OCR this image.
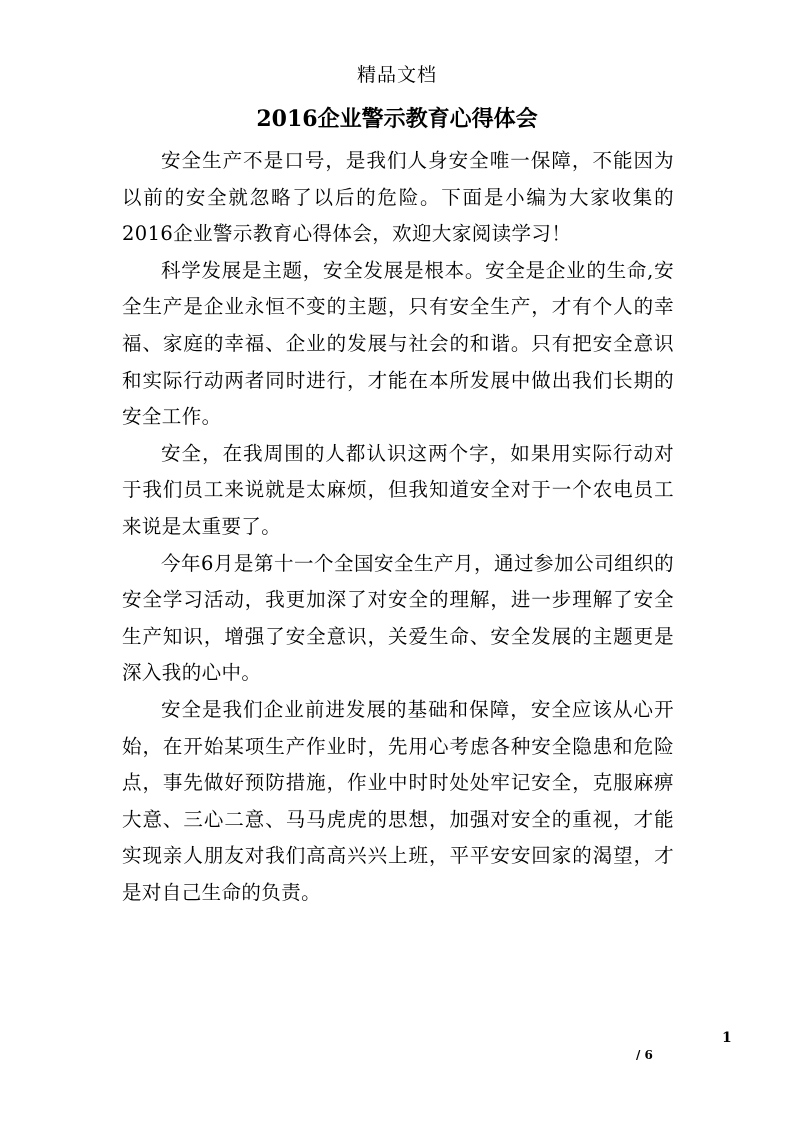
精品文档
2016企业警示教育心得体会

安全生产不是口号，是我们人身安全唯一保障，不能因为以前的安全就忽略了以后的危险。下面是小编为大家收集的2016企业警示教育心得体会，欢迎大家阅读学习！

科学发展是主题，安全发展是根本。安全是企业的生命,安全生产是企业永恒不变的主题，只有安全生产，才有个人的幸福、家庭的幸福、企业的发展与社会的和谐。只有把安全意识和实际行动两者同时进行，才能在本所发展中做出我们长期的安全工作。

安全，在我周围的人都认识这两个字，如果用实际行动对于我们员工来说就是太麻烦，但我知道安全对于一个农电员工来说是太重要了。

今年6月是第十一个全国安全生产月，通过参加公司组织的安全学习活动，我更加深了对安全的理解，进一步理解了安全生产知识，增强了安全意识，关爱生命、安全发展的主题更是深入我的心中。

安全是我们企业前进发展的基础和保障，安全应该从心开始，在开始某项生产作业时，先用心考虑各种安全隐患和危险点，事先做好预防措施，作业中时时处处牢记安全，克服麻痹大意、三心二意、马马虎虎的思想，加强对安全的重视，才能实现亲人朋友对我们高高兴兴上班，平平安安回家的渴望，才是对自己生命的负责。

1
/ 6
